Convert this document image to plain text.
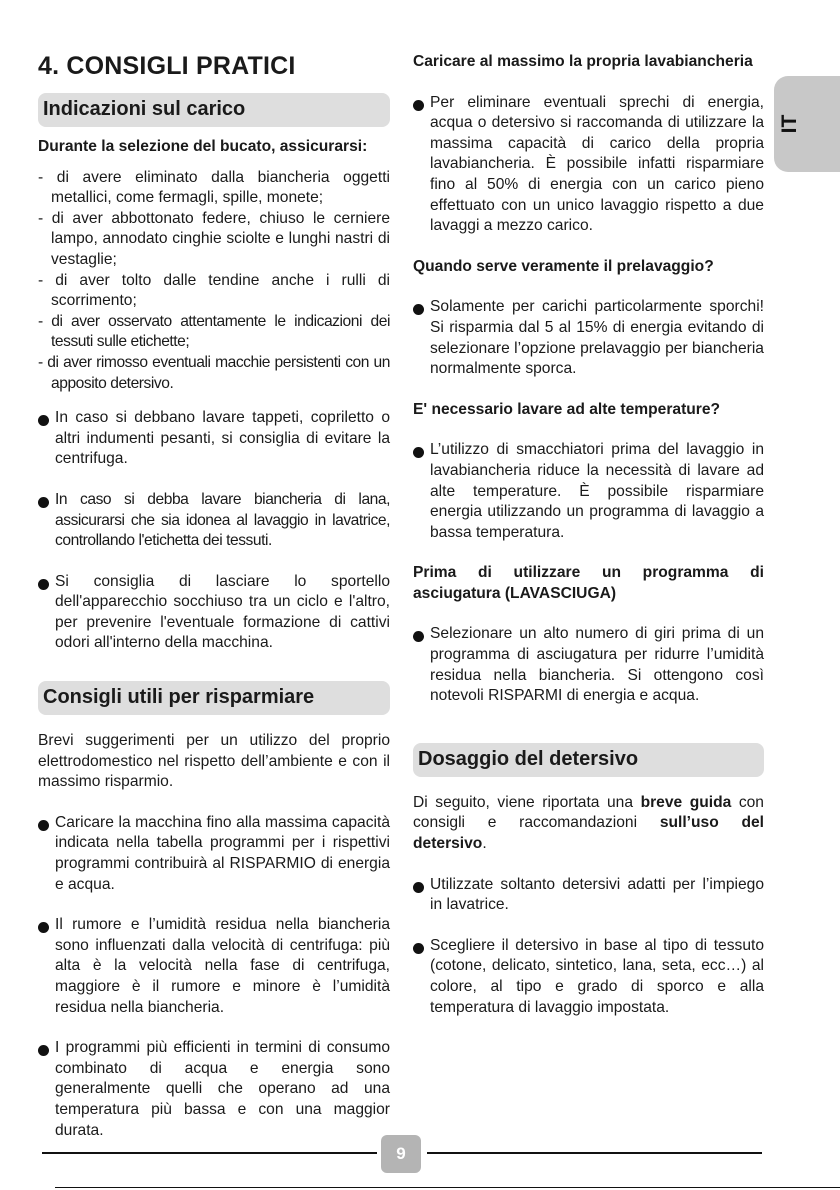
4. CONSIGLI PRATICI
Indicazioni sul carico

Durante la selezione del bucato, assicurarsi:

- di avere eliminato dalla biancheria oggetti metallici, come fermagli, spille, monete;

- di aver abbottonato federe, chiuso le cerniere lampo, annodato cinghie sciolte e lunghi nastri di vestaglie;

- di aver tolto dalle tendine anche i rulli di scorrimento;

- di aver osservato attentamente le indicazioni dei tessuti sulle etichette;

- di aver rimosso eventuali macchie persistenti con un apposito detersivo.

In caso si debbano lavare tappeti, copriletto o altri indumenti pesanti, si consiglia di evitare la centrifuga.

In caso si debba lavare biancheria di lana, assicurarsi che sia idonea al lavaggio in lavatrice, controllando l'etichetta dei tessuti.

Si consiglia di lasciare lo sportello dell'apparecchio socchiuso tra un ciclo e l'altro, per prevenire l'eventuale formazione di cattivi odori all'interno della macchina.

Consigli utili per risparmiare

Brevi suggerimenti per un utilizzo del proprio elettrodomestico nel rispetto dell’ambiente e con il massimo risparmio.

Caricare la macchina fino alla massima capacità indicata nella tabella programmi per i rispettivi programmi contribuirà al RISPARMIO di energia e acqua.

Il rumore e l’umidità residua nella biancheria sono influenzati dalla velocità di centrifuga: più alta è la velocità nella fase di centrifuga, maggiore è il rumore e minore è l’umidità residua nella biancheria.

I programmi più efficienti in termini di consumo combinato di acqua e energia sono generalmente quelli che operano ad una temperatura più bassa e con una maggior durata.

Caricare al massimo la propria lavabiancheria

Per eliminare eventuali sprechi di energia, acqua o detersivo si raccomanda di utilizzare la massima capacità di carico della propria lavabiancheria. È possibile infatti risparmiare fino al 50% di energia con un carico pieno effettuato con un unico lavaggio rispetto a due lavaggi a mezzo carico.

Quando serve veramente il prelavaggio?

Solamente per carichi particolarmente sporchi! Si risparmia dal 5 al 15% di energia evitando di selezionare l’opzione prelavaggio per biancheria normalmente sporca.

E' necessario lavare ad alte temperature?

L’utilizzo di smacchiatori prima del lavaggio in lavabiancheria riduce la necessità di lavare ad alte temperature. È possibile risparmiare energia utilizzando un programma di lavaggio a bassa temperatura.

Prima di utilizzare un programma di asciugatura (LAVASCIUGA)

Selezionare un alto numero di giri prima di un programma di asciugatura per ridurre l’umidità residua nella biancheria. Si ottengono così notevoli RISPARMI di energia e acqua.

Dosaggio del detersivo

Di seguito, viene riportata una breve guida con consigli e raccomandazioni sull’uso del detersivo.

Utilizzate soltanto detersivi adatti per l’impiego in lavatrice.

Scegliere il detersivo in base al tipo di tessuto (cotone, delicato, sintetico, lana, seta, ecc…) al colore, al tipo e grado di sporco e alla temperatura di lavaggio impostata.

IT
9
